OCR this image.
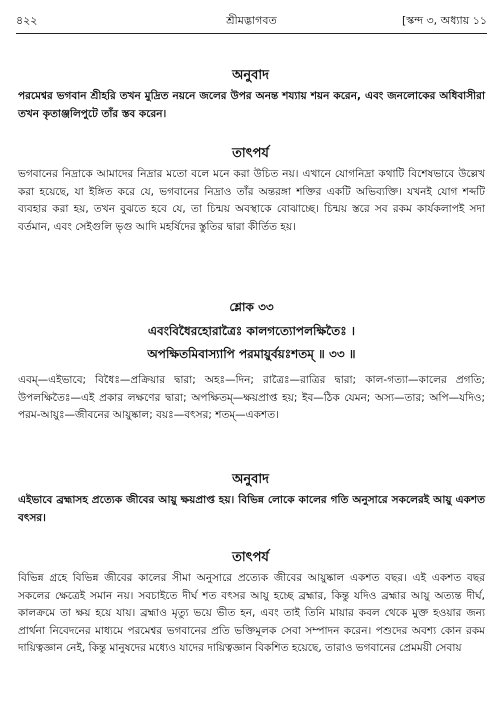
৪২২	শ্রীমদ্ভাগবত	[স্কন্দ ৩, অধ্যায় ১১
অনুবাদ
পরমেশ্বর ভগবান শ্রীহরি তখন মুদ্রিত নয়নে জলের উপর অনন্ত শয্যায় শয়ন করেন, এবং জনলোকের অধিবাসীরা তখন কৃতাঞ্জলিপুটে তাঁর স্তব করেন।
তাৎপর্য
ভগবানের নিদ্রাকে আমাদের নিদ্রার মতো বলে মনে করা উচিত নয়। এখানে যোগনিদ্রা কথাটি বিশেষভাবে উল্লেখ করা হয়েছে, যা ইঙ্গিত করে যে, ভগবানের নিদ্রাও তাঁর অন্তরঙ্গা শক্তির একটি অভিব্যক্তি। যখনই যোগ শব্দটি ব্যবহার করা হয়, তখন বুঝতে হবে যে, তা চিন্ময় অবস্থাকে বোঝাচ্ছে। চিন্ময় স্তরে সব রকম কার্যকলাপই সদা বর্তমান, এবং সেইগুলি ভৃগু আদি মহর্ষিদের স্তুতির দ্বারা কীর্তিত হয়।
শ্লোক ৩৩
এবংবিধৈরহোরাত্রৈঃ কালগত্যোপলক্ষিতৈঃ ।
অপক্ষিতমিবাস্যাপি পরমায়ুর্বয়ঃশতম্ ॥ ৩৩ ॥
এবম্—এইভাবে; বিধৈঃ—প্রক্রিয়ার দ্বারা; অহঃ—দিন; রাত্রৈঃ—রাত্রির দ্বারা; কাল-গত্যা—কালের প্রগতি; উপলক্ষিতৈঃ—এই প্রকার লক্ষণের দ্বারা; অপক্ষিতম্—ক্ষয়প্রাপ্ত হয়; ইব—ঠিক যেমন; অস্য—তার; অপি—যদিও; পরম-আয়ুঃ—জীবনের আয়ুষ্কাল; বয়ঃ—বৎসর; শতম্—একশত।
অনুবাদ
এইভাবে ব্রহ্মাসহ প্রত্যেক জীবের আয়ু ক্ষয়প্রাপ্ত হয়। বিভিন্ন লোকে কালের গতি অনুসারে সকলেরই আয়ু একশত বৎসর।
তাৎপর্য
বিভিন্ন গ্রহে বিভিন্ন জীবের কালের সীমা অনুসারে প্রত্যেক জীবের আয়ুষ্কাল একশত বছর। এই একশত বছর সকলের ক্ষেত্রেই সমান নয়। সবচাইতে দীর্ঘ শত বৎসর আয়ু হচ্ছে ব্রহ্মার, কিন্তু যদিও ব্রহ্মার আয়ু অত্যন্ত দীর্ঘ, কালক্রমে তা ক্ষয় হয়ে যায়। ব্রহ্মাও মৃত্যু ভয়ে ভীত হন, এবং তাই তিনি মায়ার কবল থেকে মুক্ত হওয়ার জন্য প্রার্থনা নিবেদনের মাধ্যমে পরমেশ্বর ভগবানের প্রতি ভক্তিমূলক সেবা সম্পাদন করেন। পশুদের অবশ্য কোন রকম দায়িত্বজ্ঞান নেই, কিন্তু মানুষদের মধ্যেও যাদের দায়িত্বজ্ঞান বিকশিত হয়েছে, তারাও ভগবানের প্রেমময়ী সেবায়
